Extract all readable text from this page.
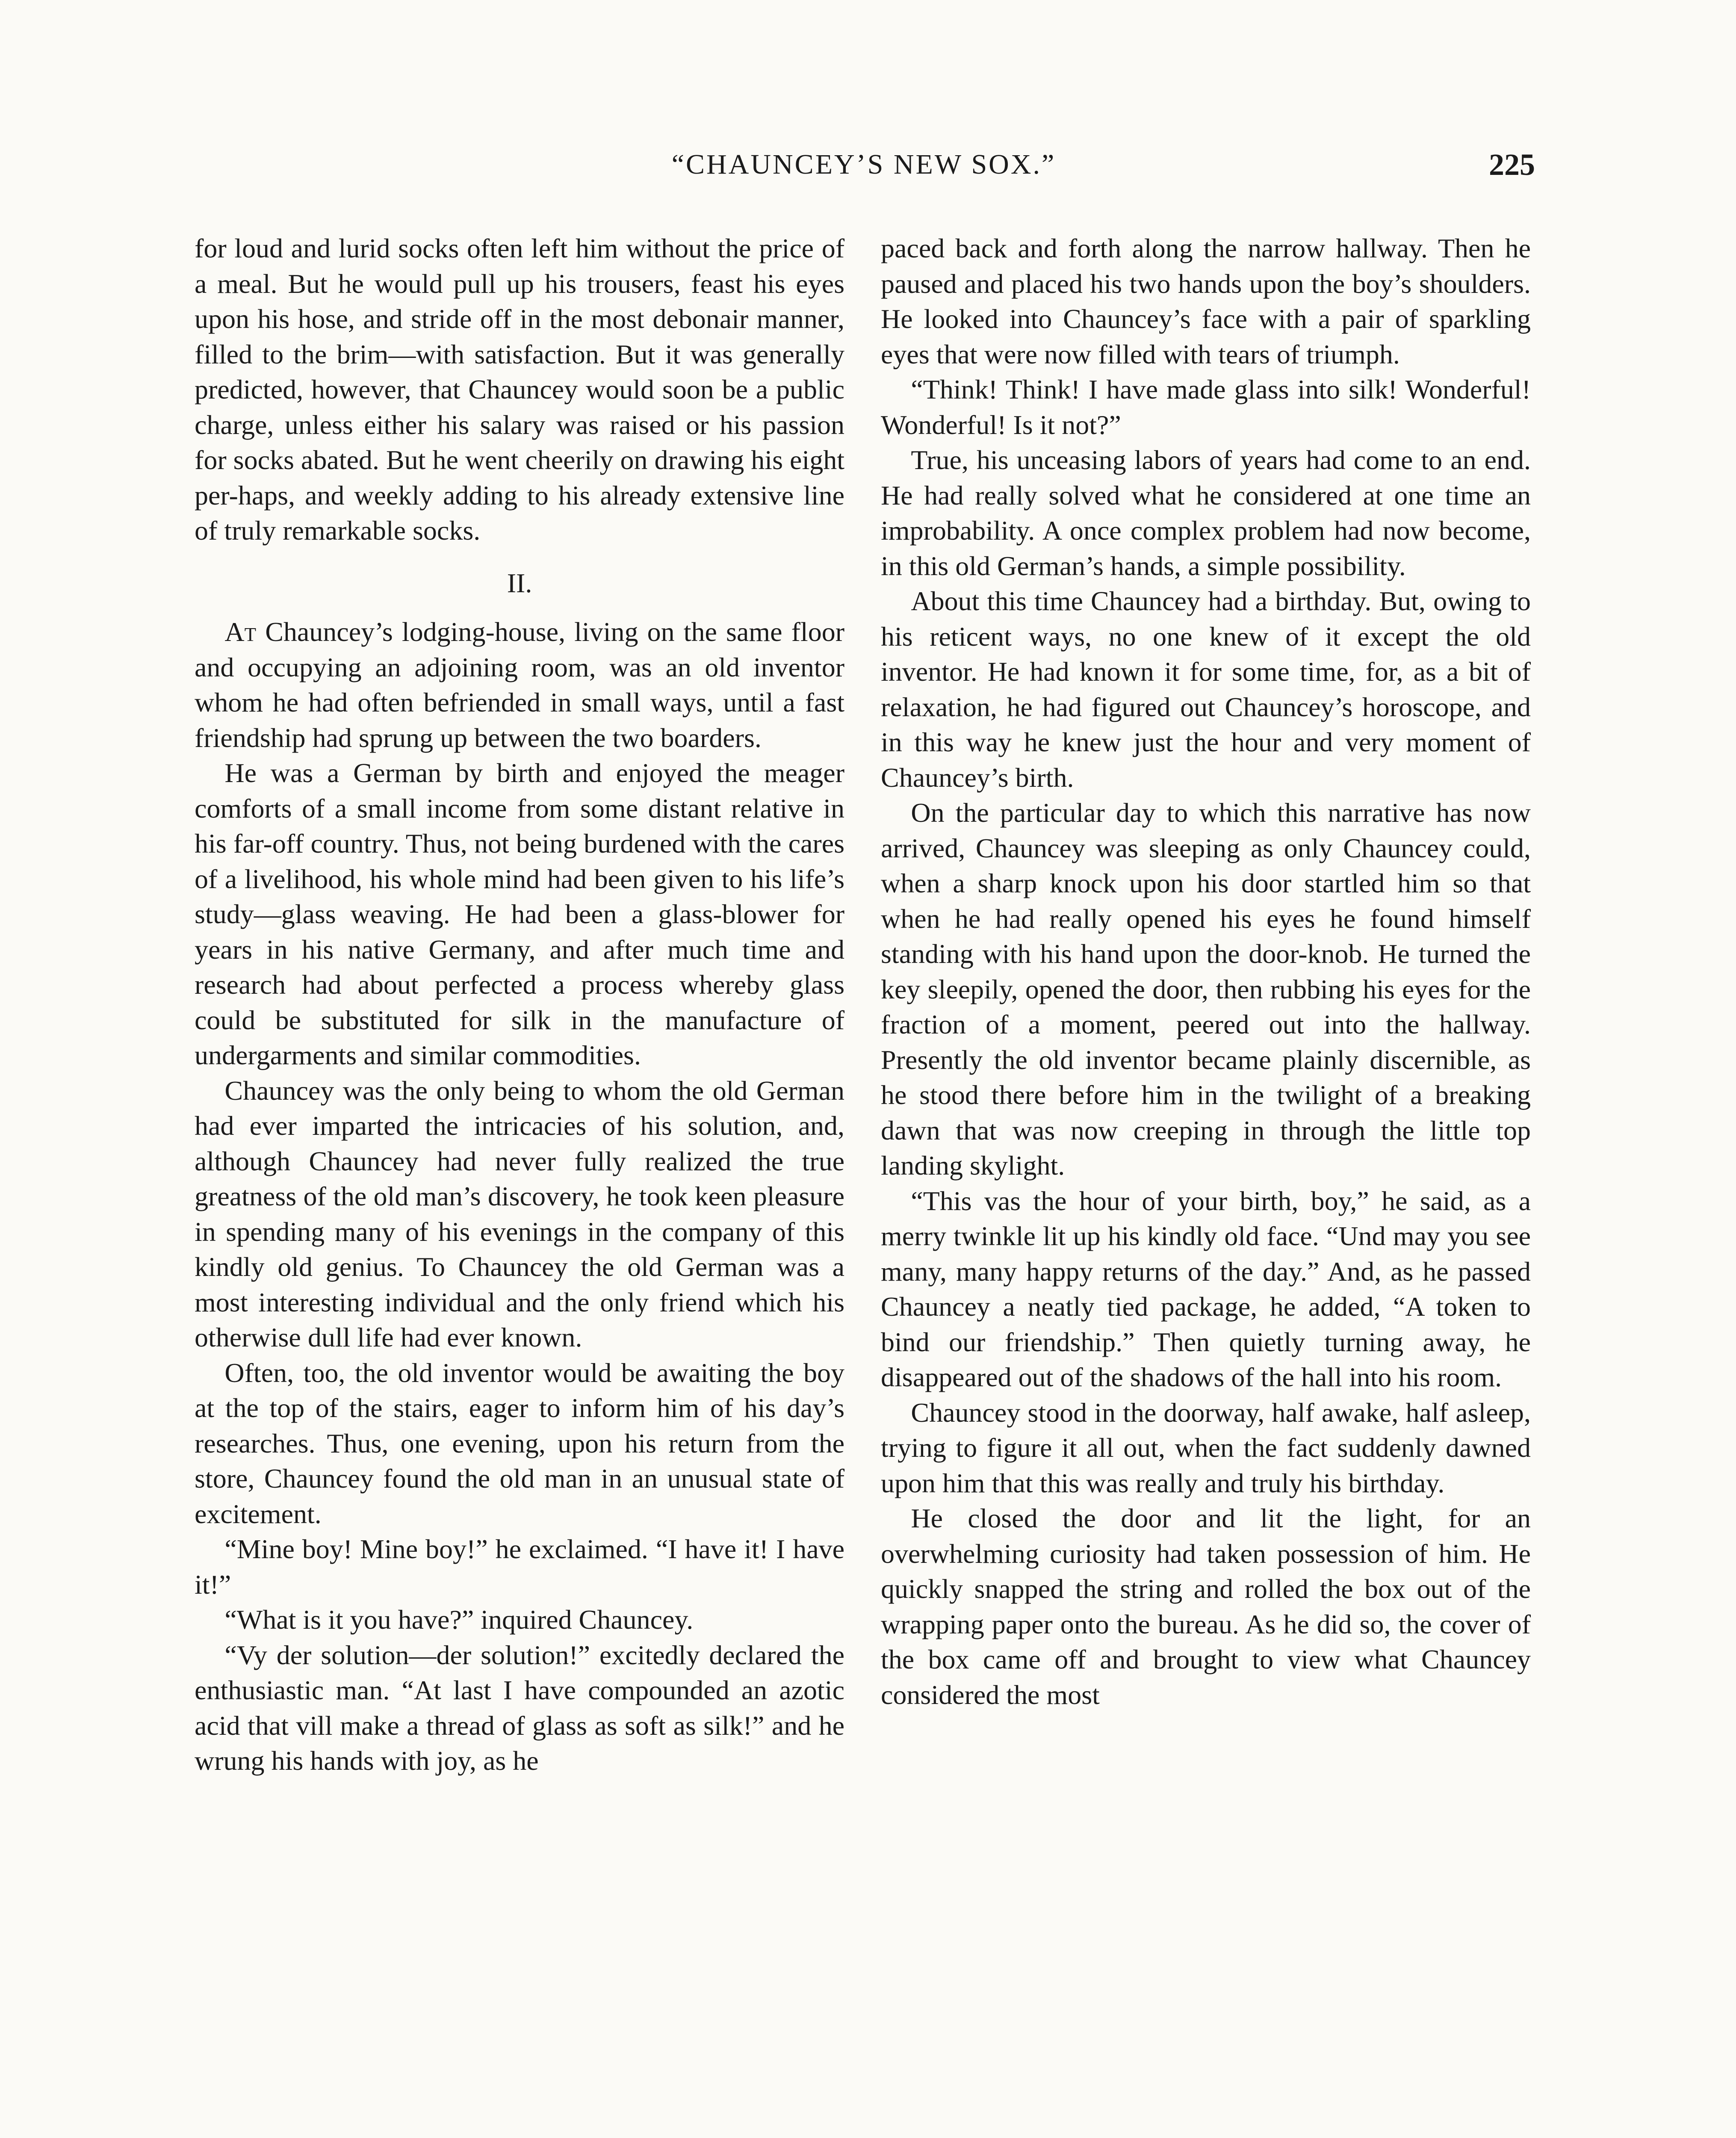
“CHAUNCEY’S NEW SOX.”	225

for loud and lurid socks often left him without the price of a meal. But he would pull up his trousers, feast his eyes upon his hose, and stride off in the most debonair manner, filled to the brim—with satisfaction. But it was generally predicted, however, that Chauncey would soon be a public charge, unless either his salary was raised or his passion for socks abated. But he went cheerily on drawing his eight per-haps, and weekly adding to his already extensive line of truly remarkable socks.

II.

At Chauncey’s lodging-house, living on the same floor and occupying an adjoining room, was an old inventor whom he had often befriended in small ways, until a fast friendship had sprung up between the two boarders.

He was a German by birth and enjoyed the meager comforts of a small income from some distant relative in his far-off country. Thus, not being burdened with the cares of a livelihood, his whole mind had been given to his life’s study—glass weaving. He had been a glass-blower for years in his native Germany, and after much time and research had about perfected a process whereby glass could be substituted for silk in the manufacture of undergarments and similar commodities.

Chauncey was the only being to whom the old German had ever imparted the intricacies of his solution, and, although Chauncey had never fully realized the true greatness of the old man’s discovery, he took keen pleasure in spending many of his evenings in the company of this kindly old genius. To Chauncey the old German was a most interesting individual and the only friend which his otherwise dull life had ever known.

Often, too, the old inventor would be awaiting the boy at the top of the stairs, eager to inform him of his day’s researches. Thus, one evening, upon his return from the store, Chauncey found the old man in an unusual state of excitement.

“Mine boy! Mine boy!” he exclaimed. “I have it! I have it!”

“What is it you have?” inquired Chauncey.

“Vy der solution—der solution!” excitedly declared the enthusiastic man. “At last I have compounded an azotic acid that vill make a thread of glass as soft as silk!” and he wrung his hands with joy, as he

paced back and forth along the narrow hallway. Then he paused and placed his two hands upon the boy’s shoulders. He looked into Chauncey’s face with a pair of sparkling eyes that were now filled with tears of triumph.

“Think! Think! I have made glass into silk! Wonderful! Wonderful! Is it not?”

True, his unceasing labors of years had come to an end. He had really solved what he considered at one time an improbability. A once complex problem had now become, in this old German’s hands, a simple possibility.

About this time Chauncey had a birthday. But, owing to his reticent ways, no one knew of it except the old inventor. He had known it for some time, for, as a bit of relaxation, he had figured out Chauncey’s horoscope, and in this way he knew just the hour and very moment of Chauncey’s birth.

On the particular day to which this narrative has now arrived, Chauncey was sleeping as only Chauncey could, when a sharp knock upon his door startled him so that when he had really opened his eyes he found himself standing with his hand upon the door-knob. He turned the key sleepily, opened the door, then rubbing his eyes for the fraction of a moment, peered out into the hallway. Presently the old inventor became plainly discernible, as he stood there before him in the twilight of a breaking dawn that was now creeping in through the little top landing skylight.

“This vas the hour of your birth, boy,” he said, as a merry twinkle lit up his kindly old face. “Und may you see many, many happy returns of the day.” And, as he passed Chauncey a neatly tied package, he added, “A token to bind our friendship.” Then quietly turning away, he disappeared out of the shadows of the hall into his room.

Chauncey stood in the doorway, half awake, half asleep, trying to figure it all out, when the fact suddenly dawned upon him that this was really and truly his birthday.

He closed the door and lit the light, for an overwhelming curiosity had taken possession of him. He quickly snapped the string and rolled the box out of the wrapping paper onto the bureau. As he did so, the cover of the box came off and brought to view what Chauncey considered the most
